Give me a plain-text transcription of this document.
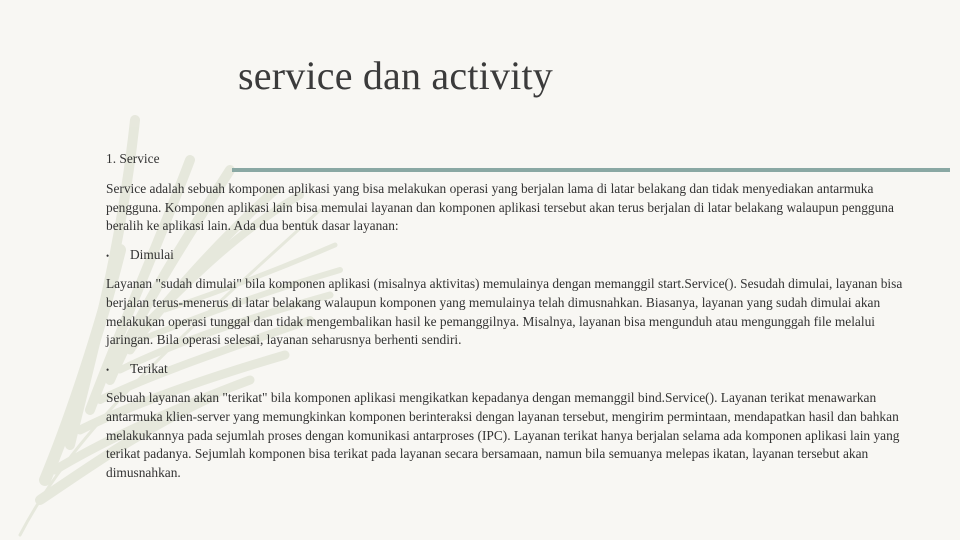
service dan activity

1. Service

Service adalah sebuah komponen aplikasi yang bisa melakukan operasi yang berjalan lama di latar belakang dan tidak menyediakan antarmuka pengguna. Komponen aplikasi lain bisa memulai layanan dan komponen aplikasi tersebut akan terus berjalan di latar belakang walaupun pengguna beralih ke aplikasi lain. Ada dua bentuk dasar layanan:

•	Dimulai

Layanan "sudah dimulai" bila komponen aplikasi (misalnya aktivitas) memulainya dengan memanggil start.Service(). Sesudah dimulai, layanan bisa berjalan terus-menerus di latar belakang walaupun komponen yang memulainya telah dimusnahkan. Biasanya, layanan yang sudah dimulai akan melakukan operasi tunggal dan tidak mengembalikan hasil ke pemanggilnya. Misalnya, layanan bisa mengunduh atau mengunggah file melalui jaringan. Bila operasi selesai, layanan seharusnya berhenti sendiri.

•	Terikat

Sebuah layanan akan "terikat" bila komponen aplikasi mengikatkan kepadanya dengan memanggil bind.Service(). Layanan terikat menawarkan antarmuka klien-server yang memungkinkan komponen berinteraksi dengan layanan tersebut, mengirim permintaan, mendapatkan hasil dan bahkan melakukannya pada sejumlah proses dengan komunikasi antarproses (IPC). Layanan terikat hanya berjalan selama ada komponen aplikasi lain yang terikat padanya. Sejumlah komponen bisa terikat pada layanan secara bersamaan, namun bila semuanya melepas ikatan, layanan tersebut akan dimusnahkan.
